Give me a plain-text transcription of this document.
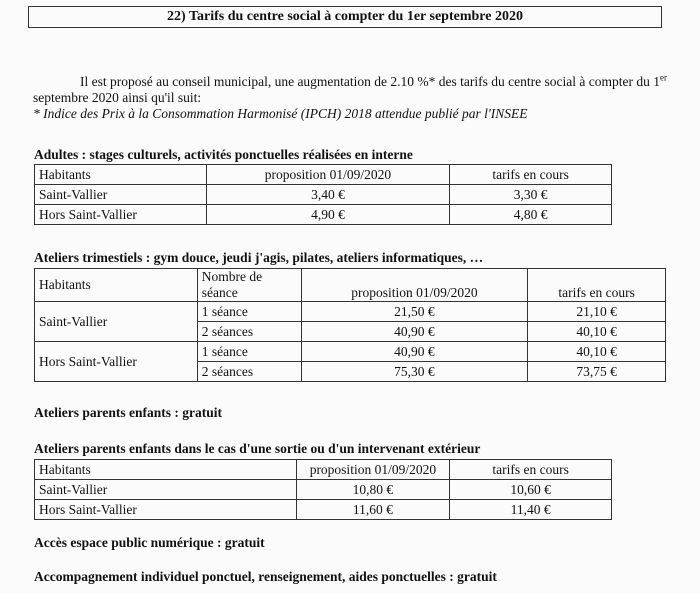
22) Tarifs du centre social à compter du 1er septembre 2020
Il est proposé au conseil municipal, une augmentation de 2.10 %* des tarifs du centre social à compter du 1er septembre 2020 ainsi qu'il suit:
* Indice des Prix à la Consommation Harmonisé (IPCH) 2018 attendue publié par l'INSEE
Adultes : stages culturels, activités ponctuelles réalisées en interne
Habitants	proposition 01/09/2020	tarifs en cours
Saint-Vallier	3,40 €	3,30 €
Hors Saint-Vallier	4,90 €	4,80 €
Ateliers trimestiels : gym douce, jeudi j'agis, pilates, ateliers informatiques, …
Habitants	Nombre de séance	proposition 01/09/2020	tarifs en cours
Saint-Vallier	1 séance	21,50 €	21,10 €
	2 séances	40,90 €	40,10 €
Hors Saint-Vallier	1 séance	40,90 €	40,10 €
	2 séances	75,30 €	73,75 €
Ateliers parents enfants : gratuit
Ateliers parents enfants dans le cas d'une sortie ou d'un intervenant extérieur
Habitants	proposition 01/09/2020	tarifs en cours
Saint-Vallier	10,80 €	10,60 €
Hors Saint-Vallier	11,60 €	11,40 €
Accès espace public numérique : gratuit
Accompagnement individuel ponctuel, renseignement, aides ponctuelles : gratuit
